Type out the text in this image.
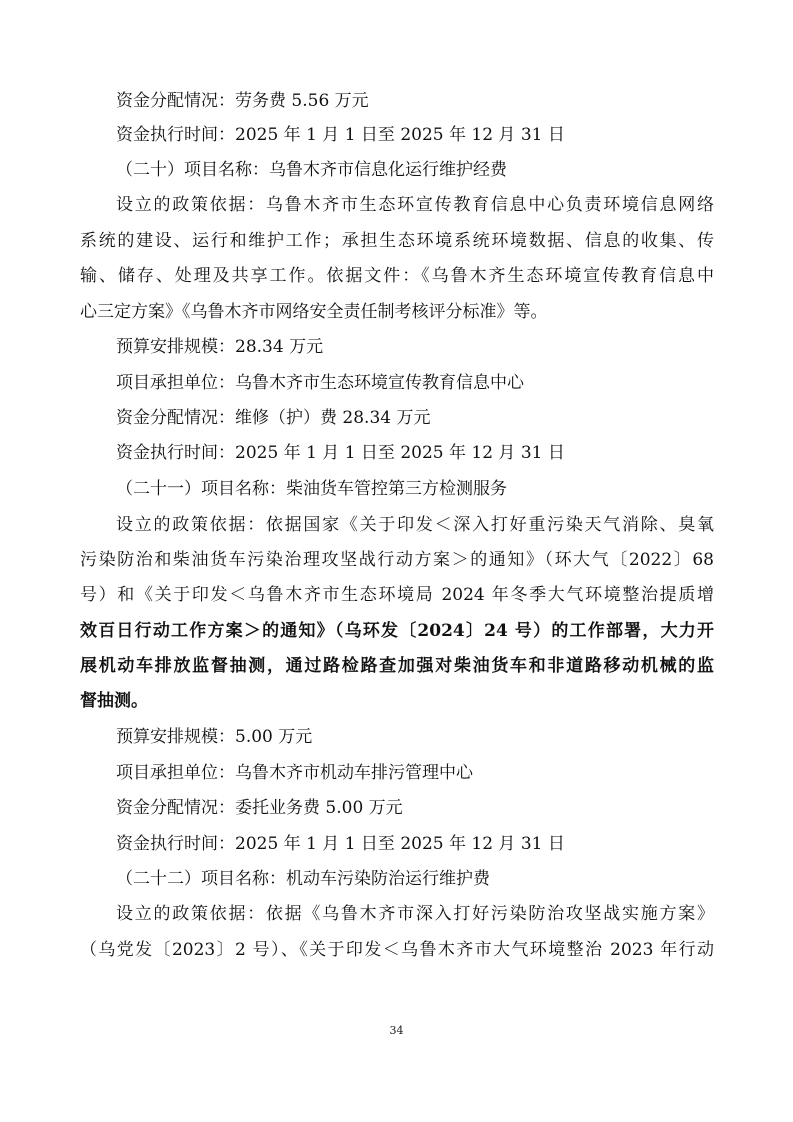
资金分配情况：劳务费 5.56 万元
资金执行时间：2025 年 1 月 1 日至 2025 年 12 月 31 日
（二十）项目名称：乌鲁木齐市信息化运行维护经费
设立的政策依据：乌鲁木齐市生态环宣传教育信息中心负责环境信息网络
系统的建设、运行和维护工作；承担生态环境系统环境数据、信息的收集、传
输、储存、处理及共享工作。依据文件：《乌鲁木齐生态环境宣传教育信息中
心三定方案》《乌鲁木齐市网络安全责任制考核评分标准》等。
预算安排规模：28.34 万元
项目承担单位：乌鲁木齐市生态环境宣传教育信息中心
资金分配情况：维修（护）费 28.34 万元
资金执行时间：2025 年 1 月 1 日至 2025 年 12 月 31 日
（二十一）项目名称：柴油货车管控第三方检测服务
设立的政策依据：依据国家《关于印发＜深入打好重污染天气消除、臭氧
污染防治和柴油货车污染治理攻坚战行动方案＞的通知》（环大气〔2022〕68
号）和《关于印发＜乌鲁木齐市生态环境局 2024 年冬季大气环境整治提质增
效百日行动工作方案＞的通知》（乌环发〔2024〕24 号）的工作部署，大力开
展机动车排放监督抽测，通过路检路查加强对柴油货车和非道路移动机械的监
督抽测。
预算安排规模：5.00 万元
项目承担单位：乌鲁木齐市机动车排污管理中心
资金分配情况：委托业务费 5.00 万元
资金执行时间：2025 年 1 月 1 日至 2025 年 12 月 31 日
（二十二）项目名称：机动车污染防治运行维护费
设立的政策依据：依据《乌鲁木齐市深入打好污染防治攻坚战实施方案》
（乌党发〔2023〕2 号）、《关于印发＜乌鲁木齐市大气环境整治 2023 年行动
34
